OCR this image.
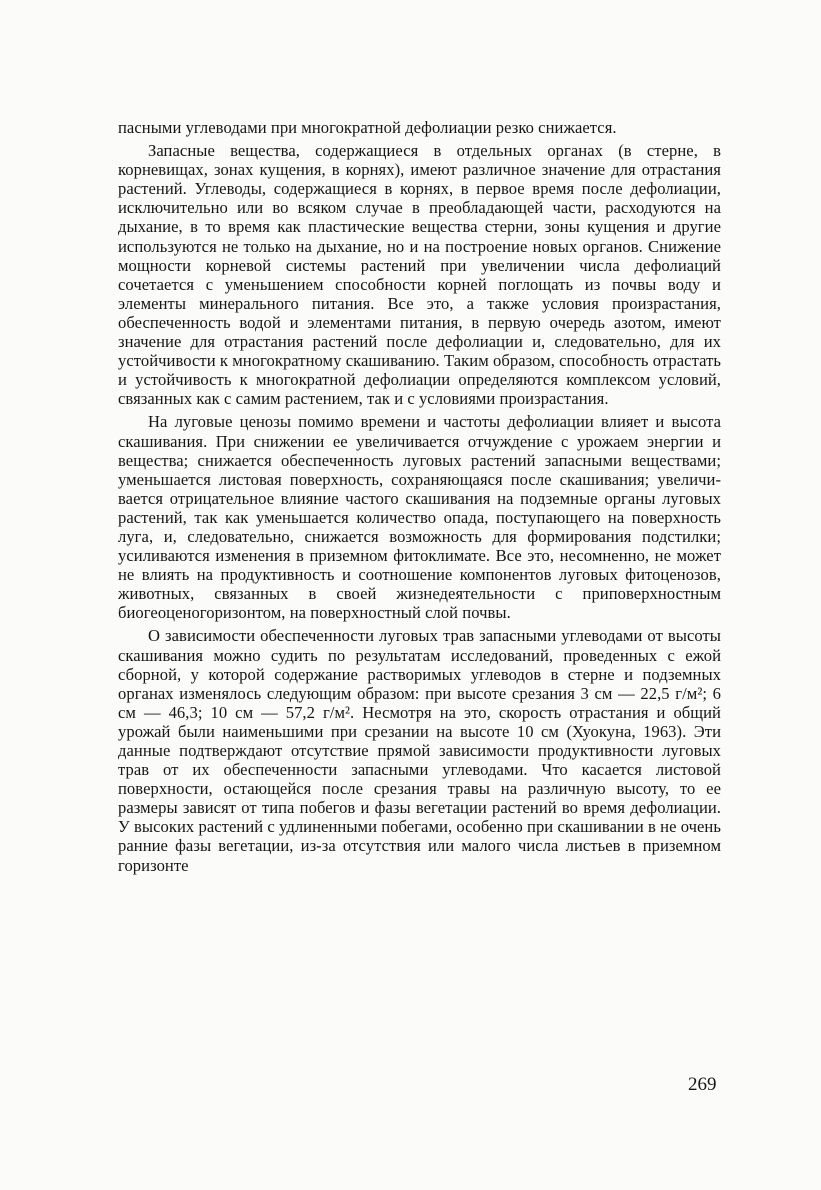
пасными углеводами при многократной дефолиации резко снижается.

Запасные вещества, содержащиеся в отдельных органах (в стерне, в корневищах, зонах кущения, в корнях), имеют различное значение для отрастания растений. Углеводы, содержащиеся в корнях, в первое время после дефолиации, исключительно или во всяком случае в преобладающей части, расходуются на дыхание, в то время как пластические вещества стерни, зоны кущения и другие используются не только на дыхание, но и на построение новых органов. Снижение мощности корневой системы растений при увеличении числа дефолиаций сочетается с уменьшением способности корней поглощать из почвы воду и элементы минерального питания. Все это, а также условия произрастания, обеспеченность водой и элементами питания, в первую очередь азотом, имеют значение для отрастания растений после дефолиации и, следовательно, для их устойчивости к многократному скашиванию. Таким образом, способность отрастать и устойчивость к многократной дефолиации определяются комплексом условий, связанных как с самим растением, так и с условиями произрастания.

На луговые ценозы помимо времени и частоты дефолиации влияет и высота скашивания. При снижении ее увеличивается отчуждение с урожаем энергии и вещества; снижается обеспеченность луговых растений запасными веществами; уменьшается листовая поверхность, сохраняющаяся после скашивания; увеличивается отрицательное влияние частого скашивания на подземные органы луговых растений, так как уменьшается количество опада, поступающего на поверхность луга, и, следовательно, снижается возможность для формирования подстилки; усиливаются изменения в приземном фитоклимате. Все это, несомненно, не может не влиять на продуктивность и соотношение компонентов луговых фитоценозов, животных, связанных в своей жизнедеятельности с приповерхностным биогеоценогоризонтом, на поверхностный слой почвы.

О зависимости обеспеченности луговых трав запасными углеводами от высоты скашивания можно судить по результатам исследований, проведенных с ежой сборной, у которой содержание растворимых углеводов в стерне и подземных органах изменялось следующим образом: при высоте срезания 3 см — 22,5 г/м²; 6 см — 46,3; 10 см — 57,2 г/м². Несмотря на это, скорость отрастания и общий урожай были наименьшими при срезании на высоте 10 см (Хуокуна, 1963). Эти данные подтверждают отсутствие прямой зависимости продуктивности луговых трав от их обеспеченности запасными углеводами. Что касается листовой поверхности, остающейся после срезания травы на различную высоту, то ее размеры зависят от типа побегов и фазы вегетации растений во время дефолиации. У высоких растений с удлиненными побегами, особенно при скашивании в не очень ранние фазы вегетации, из-за отсутствия или малого числа листьев в приземном горизонте

269
